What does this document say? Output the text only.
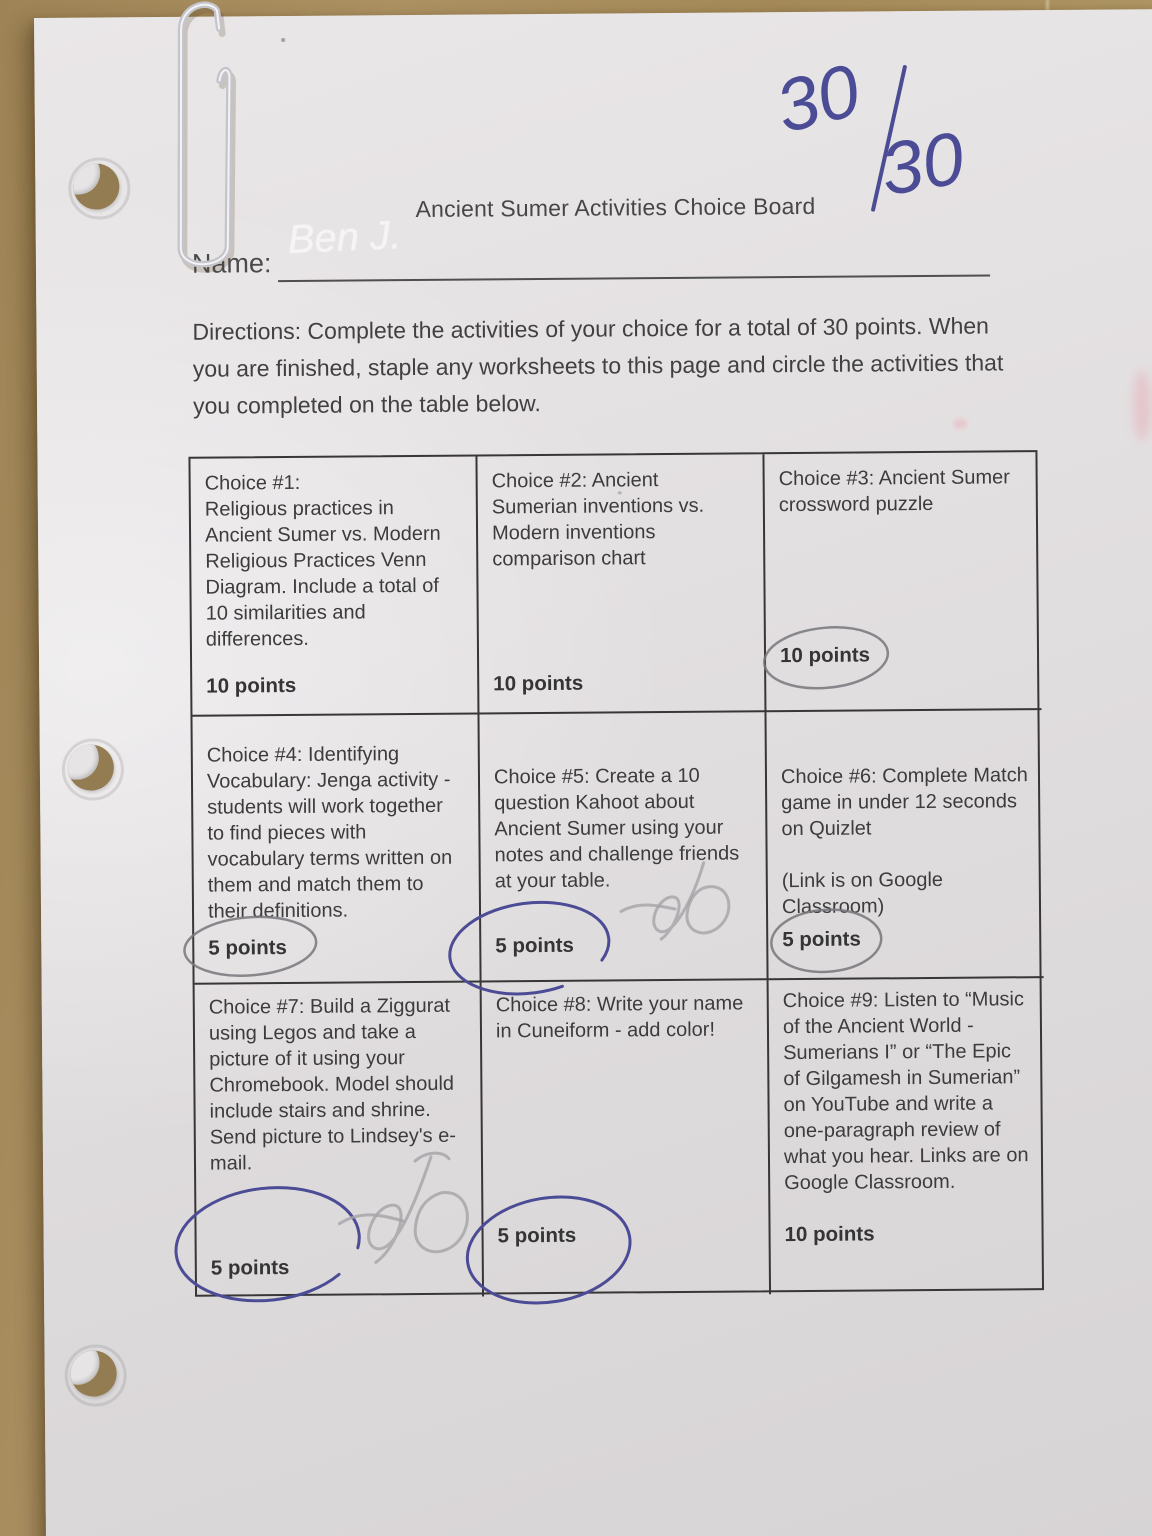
30
30
Ancient Sumer Activities Choice Board
Name:
Ben J.
Directions: Complete the activities of your choice for a total of 30 points. When you are finished, staple any worksheets to this page and circle the activities that you completed on the table below.
Choice #1:
Religious practices in Ancient Sumer vs. Modern Religious Practices Venn Diagram. Include a total of 10 similarities and differences.
10 points
Choice #2: Ancient Sumerian inventions vs. Modern inventions comparison chart
10 points
Choice #3: Ancient Sumer crossword puzzle
10 points
Choice #4: Identifying Vocabulary: Jenga activity - students will work together to find pieces with vocabulary terms written on them and match them to their definitions.
5 points
Choice #5: Create a 10 question Kahoot about Ancient Sumer using your notes and challenge friends at your table.
5 points
Choice #6: Complete Match game in under 12 seconds on Quizlet

(Link is on Google Classroom)
5 points
Choice #7: Build a Ziggurat using Legos and take a picture of it using your Chromebook. Model should include stairs and shrine. Send picture to Lindsey's e-mail.
5 points
Choice #8: Write your name in Cuneiform - add color!
5 points
Choice #9: Listen to “Music of the Ancient World - Sumerians I” or “The Epic of Gilgamesh in Sumerian” on YouTube and write a one-paragraph review of what you hear. Links are on Google Classroom.
10 points
